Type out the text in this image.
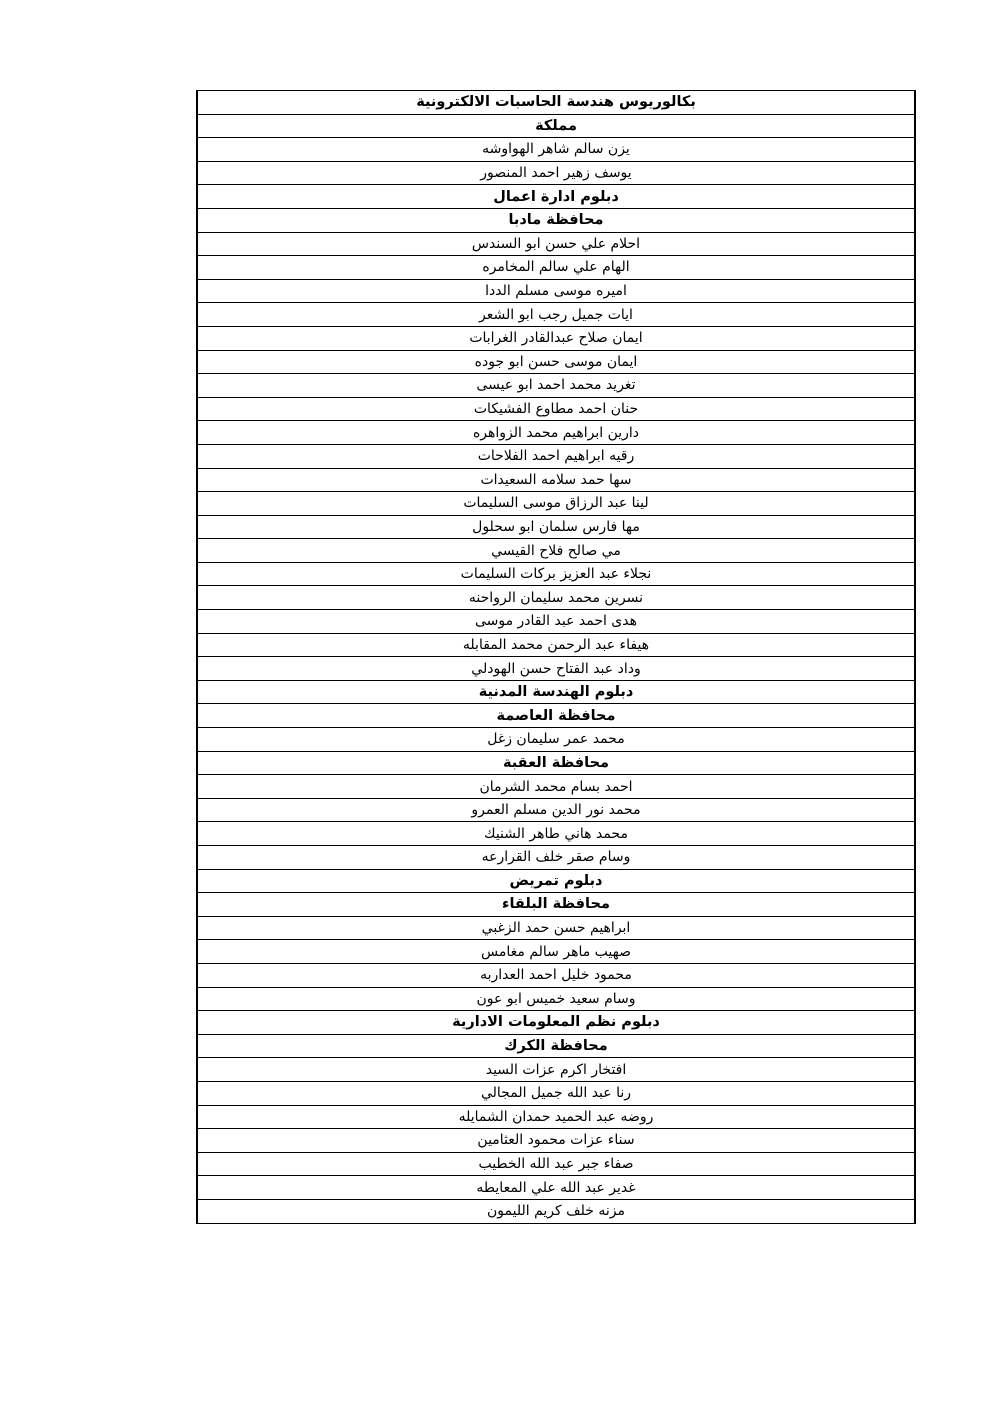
بكالوريوس هندسة الحاسبات الالكترونية
مملكة
يزن سالم شاهر الهواوشه
يوسف زهير احمد المنصور
دبلوم ادارة اعمال
محافظة مادبا
احلام علي حسن ابو السندس
الهام علي سالم المخامره
اميره موسى مسلم الددا
ايات جميل رجب ابو الشعر
ايمان صلاح عبدالقادر الغرابات
ايمان موسى حسن ابو جوده
تغريد محمد احمد ابو عيسى
حنان احمد مطاوع الفشيكات
دارين ابراهيم محمد الزواهره
رقيه ابراهيم احمد الفلاحات
سها حمد سلامه السعيدات
لينا عبد الرزاق موسى السليمات
مها فارس سلمان ابو سحلول
مي صالح فلاح القيسي
نجلاء عبد العزيز بركات السليمات
نسرين محمد سليمان الرواحنه
هدى احمد عبد القادر موسى
هيفاء عبد الرحمن محمد المقابله
وداد عبد الفتاح حسن الهودلي
دبلوم الهندسة المدنية
محافظة العاصمة
محمد عمر سليمان زغل
محافظة العقبة
احمد بسام محمد الشرمان
محمد نور الدين مسلم العمرو
محمد هاني طاهر الشنيك
وسام صقر خلف القرارعه
دبلوم تمريض
محافظة البلقاء
ابراهيم حسن حمد الزغبي
صهيب ماهر سالم مغامس
محمود خليل احمد العداربه
وسام سعيد خميس ابو عون
دبلوم نظم المعلومات الادارية
محافظة الكرك
افتخار اكرم عزات السيد
رنا عبد الله جميل المجالي
روضه عبد الحميد حمدان الشمايله
سناء عزات محمود العثامين
صفاء جبر عبد الله الخطيب
غدير عبد الله علي المعايطه
مزنه خلف كريم الليمون
